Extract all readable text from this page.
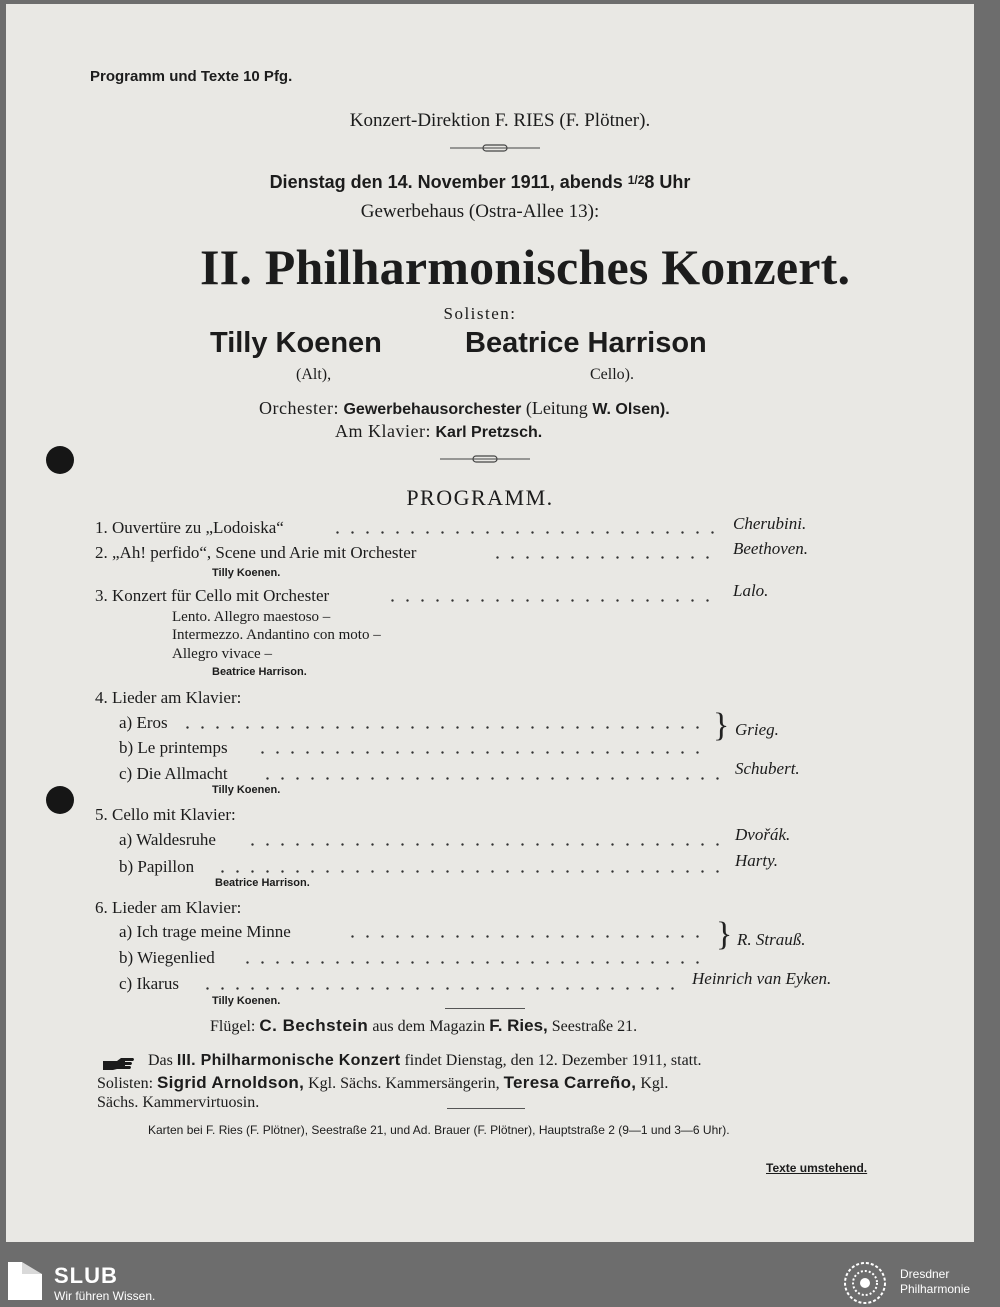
Programm und Texte 10 Pfg.
Konzert-Direktion F. RIES (F. Plötner).
Dienstag den 14. November 1911, abends $^{1/2}$8 Uhr
Gewerbehaus (Ostra-Allee 13):
II. Philharmonisches Konzert.
Solisten:
Tilly Koenen	Beatrice Harrison
(Alt),	Cello).
Orchester: Gewerbehausorchester (Leitung W. Olsen).
Am Klavier: Karl Pretzsch.
PROGRAMM.
1. Ouvertüre zu „Lodoiska“	Cherubini.
2. „Ah! perfido“, Scene und Arie mit Orchester	Beethoven.
Tilly Koenen.
3. Konzert für Cello mit Orchester	Lalo.
Lento. Allegro maestoso –
Intermezzo. Andantino con moto –
Allegro vivace –
Beatrice Harrison.
4. Lieder am Klavier:
a) Eros
b) Le printemps
} Grieg.
c) Die Allmacht	Schubert.
Tilly Koenen.
5. Cello mit Klavier:
a) Waldesruhe	Dvořák.
b) Papillon	Harty.
Beatrice Harrison.
6. Lieder am Klavier:
a) Ich trage meine Minne
b) Wiegenlied
} R. Strauß.
c) Ikarus	Heinrich van Eyken.
Tilly Koenen.
Flügel: C. Bechstein aus dem Magazin F. Ries, Seestraße 21.
Das III. Philharmonische Konzert findet Dienstag, den 12. Dezember 1911, statt.
Solisten: Sigrid Arnoldson, Kgl. Sächs. Kammersängerin, Teresa Carreño, Kgl.
Sächs. Kammervirtuosin.
Karten bei F. Ries (F. Plötner), Seestraße 21, und Ad. Brauer (F. Plötner), Hauptstraße 2 (9—1 und 3—6 Uhr).
Texte umstehend.
SLUB
Wir führen Wissen.
Dresdner
Philharmonie
